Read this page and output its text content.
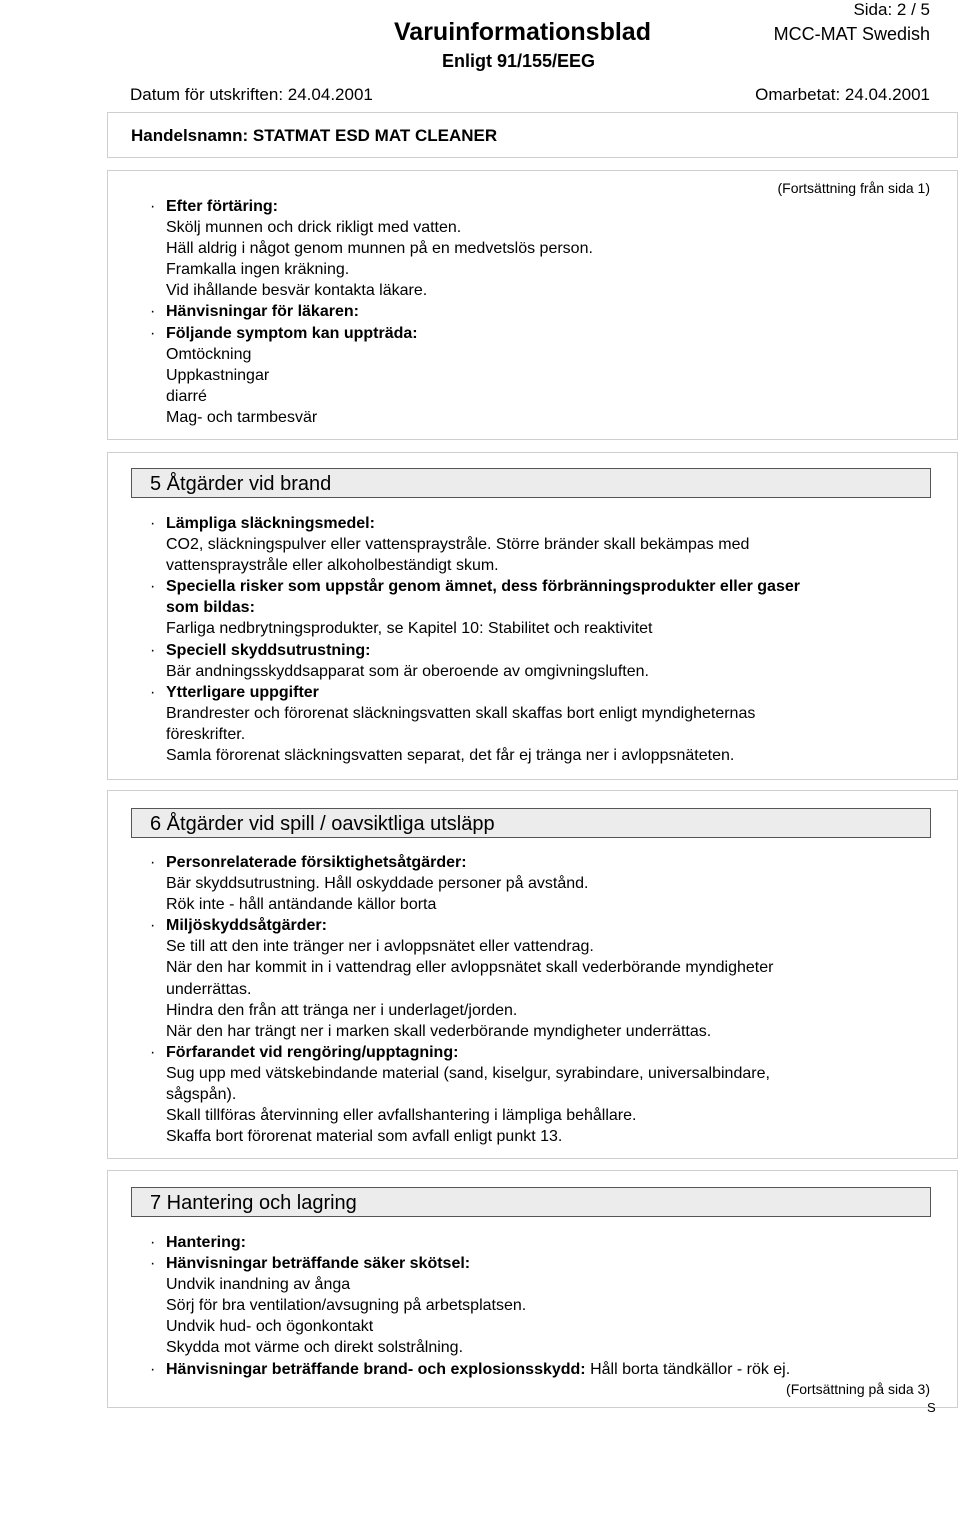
Sida: 2 / 5
MCC-MAT Swedish
Varuinformationsblad
Enligt 91/155/EEG
Datum för utskriften: 24.04.2001	Omarbetat: 24.04.2001
Handelsnamn: STATMAT ESD MAT CLEANER
(Fortsättning från sida 1)
· Efter förtäring:
Skölj munnen och drick rikligt med vatten.
Häll aldrig i något genom munnen på en medvetslös person.
Framkalla ingen kräkning.
Vid ihållande besvär kontakta läkare.
· Hänvisningar för läkaren:
· Följande symptom kan uppträda:
Omtöckning
Uppkastningar
diarré
Mag- och tarmbesvär
5 Åtgärder vid brand
· Lämpliga släckningsmedel:
CO2, släckningspulver eller vattenspraystråle. Större bränder skall bekämpas med
vattenspraystråle eller alkoholbeständigt skum.
· Speciella risker som uppstår genom ämnet, dess förbränningsprodukter eller gaser
som bildas:
Farliga nedbrytningsprodukter, se Kapitel 10: Stabilitet och reaktivitet
· Speciell skyddsutrustning:
Bär andningsskyddsapparat som är oberoende av omgivningsluften.
· Ytterligare uppgifter
Brandrester och förorenat släckningsvatten skall skaffas bort enligt myndigheternas
föreskrifter.
Samla förorenat släckningsvatten separat, det får ej tränga ner i avloppsnäteten.
6 Åtgärder vid spill / oavsiktliga utsläpp
· Personrelaterade försiktighetsåtgärder:
Bär skyddsutrustning. Håll oskyddade personer på avstånd.
Rök inte - håll antändande källor borta
· Miljöskyddsåtgärder:
Se till att den inte tränger ner i avloppsnätet eller vattendrag.
När den har kommit in i vattendrag eller avloppsnätet skall vederbörande myndigheter
underrättas.
Hindra den från att tränga ner i underlaget/jorden.
När den har trängt ner i marken skall vederbörande myndigheter underrättas.
· Förfarandet vid rengöring/upptagning:
Sug upp med vätskebindande material (sand, kiselgur, syrabindare, universalbindare,
sågspån).
Skall tillföras återvinning eller avfallshantering i lämpliga behållare.
Skaffa bort förorenat material som avfall enligt punkt 13.
7 Hantering och lagring
· Hantering:
· Hänvisningar beträffande säker skötsel:
Undvik inandning av ånga
Sörj för bra ventilation/avsugning på arbetsplatsen.
Undvik hud- och ögonkontakt
Skydda mot värme och direkt solstrålning.
· Hänvisningar beträffande brand- och explosionsskydd: Håll borta tändkällor - rök ej.
(Fortsättning på sida 3)
S
